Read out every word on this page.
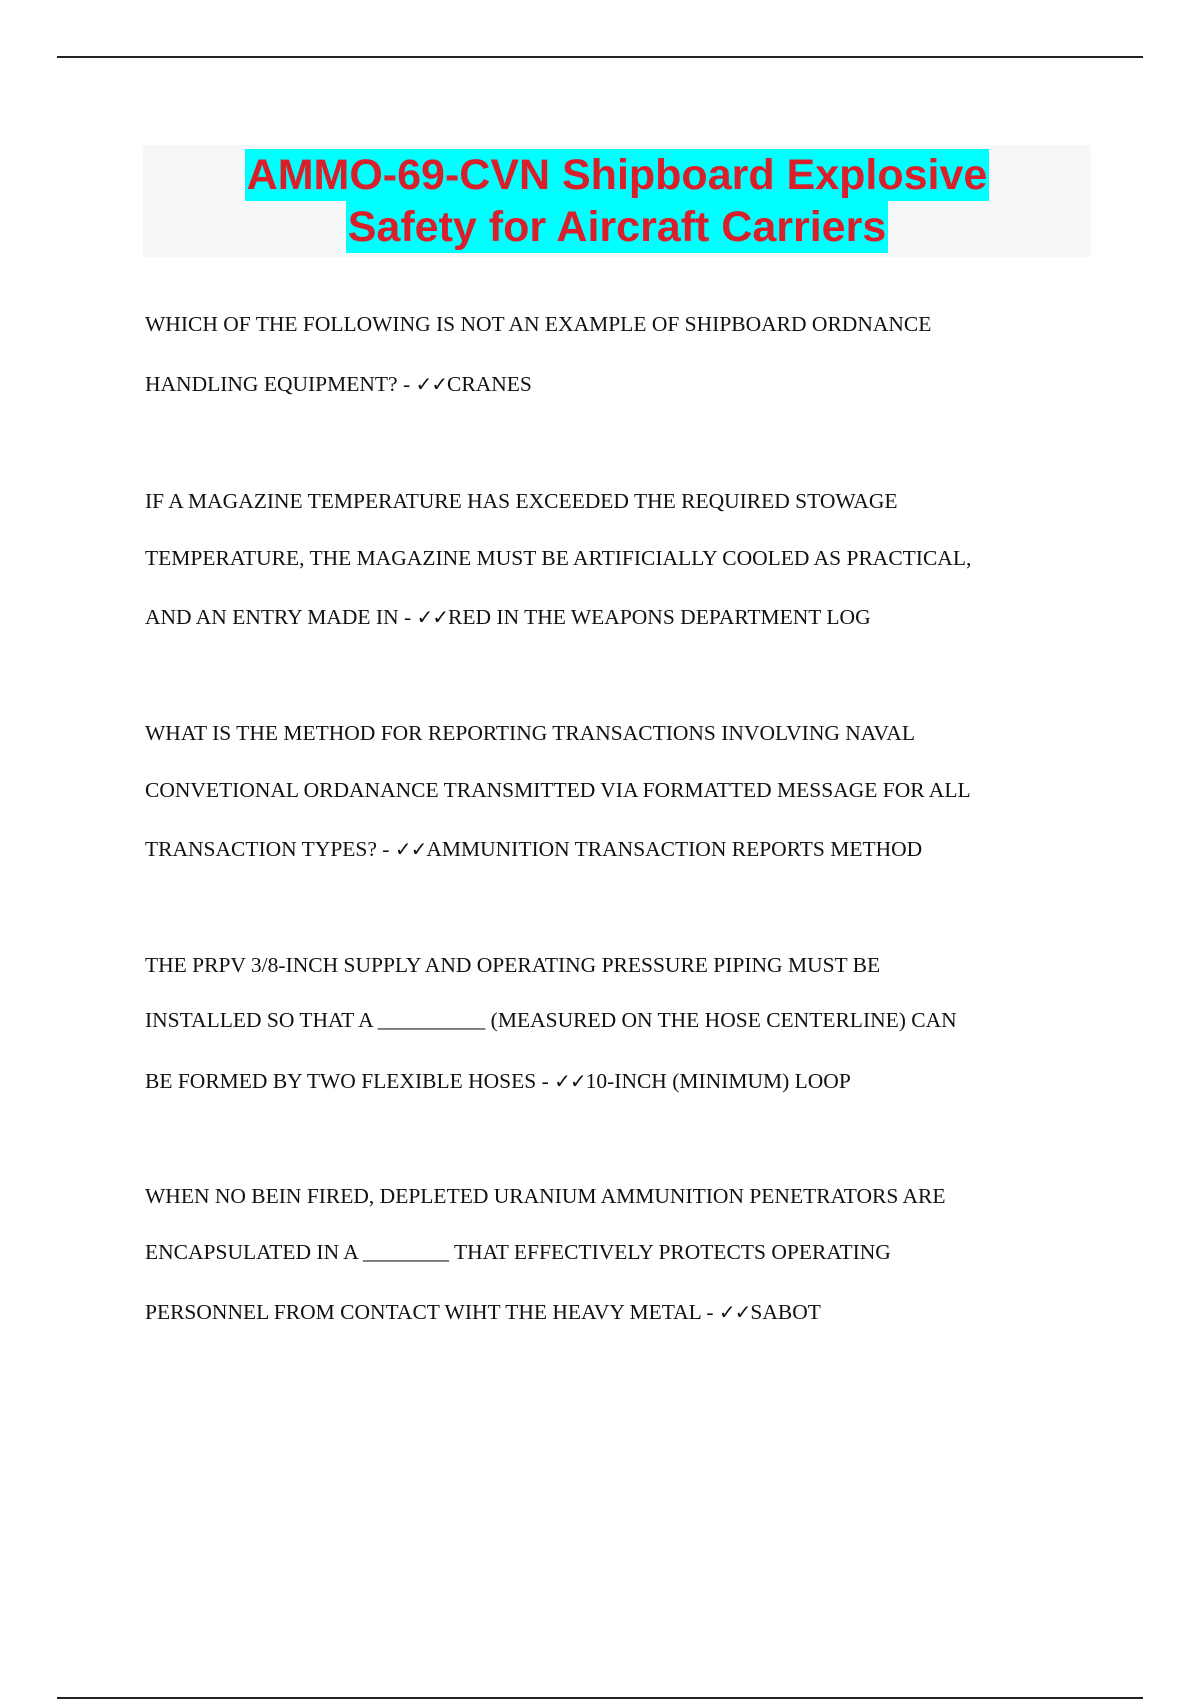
AMMO-69-CVN Shipboard Explosive
Safety for Aircraft Carriers
WHICH OF THE FOLLOWING IS NOT AN EXAMPLE OF SHIPBOARD ORDNANCE
HANDLING EQUIPMENT? - ✓✓CRANES
IF A MAGAZINE TEMPERATURE HAS EXCEEDED THE REQUIRED STOWAGE
TEMPERATURE, THE MAGAZINE MUST BE ARTIFICIALLY COOLED AS PRACTICAL,
AND AN ENTRY MADE IN - ✓✓RED IN THE WEAPONS DEPARTMENT LOG
WHAT IS THE METHOD FOR REPORTING TRANSACTIONS INVOLVING NAVAL
CONVETIONAL ORDANANCE TRANSMITTED VIA FORMATTED MESSAGE FOR ALL
TRANSACTION TYPES? - ✓✓AMMUNITION TRANSACTION REPORTS METHOD
THE PRPV 3/8-INCH SUPPLY AND OPERATING PRESSURE PIPING MUST BE
INSTALLED SO THAT A __________ (MEASURED ON THE HOSE CENTERLINE) CAN
BE FORMED BY TWO FLEXIBLE HOSES - ✓✓10-INCH (MINIMUM) LOOP
WHEN NO BEIN FIRED, DEPLETED URANIUM AMMUNITION PENETRATORS ARE
ENCAPSULATED IN A ________ THAT EFFECTIVELY PROTECTS OPERATING
PERSONNEL FROM CONTACT WIHT THE HEAVY METAL - ✓✓SABOT
